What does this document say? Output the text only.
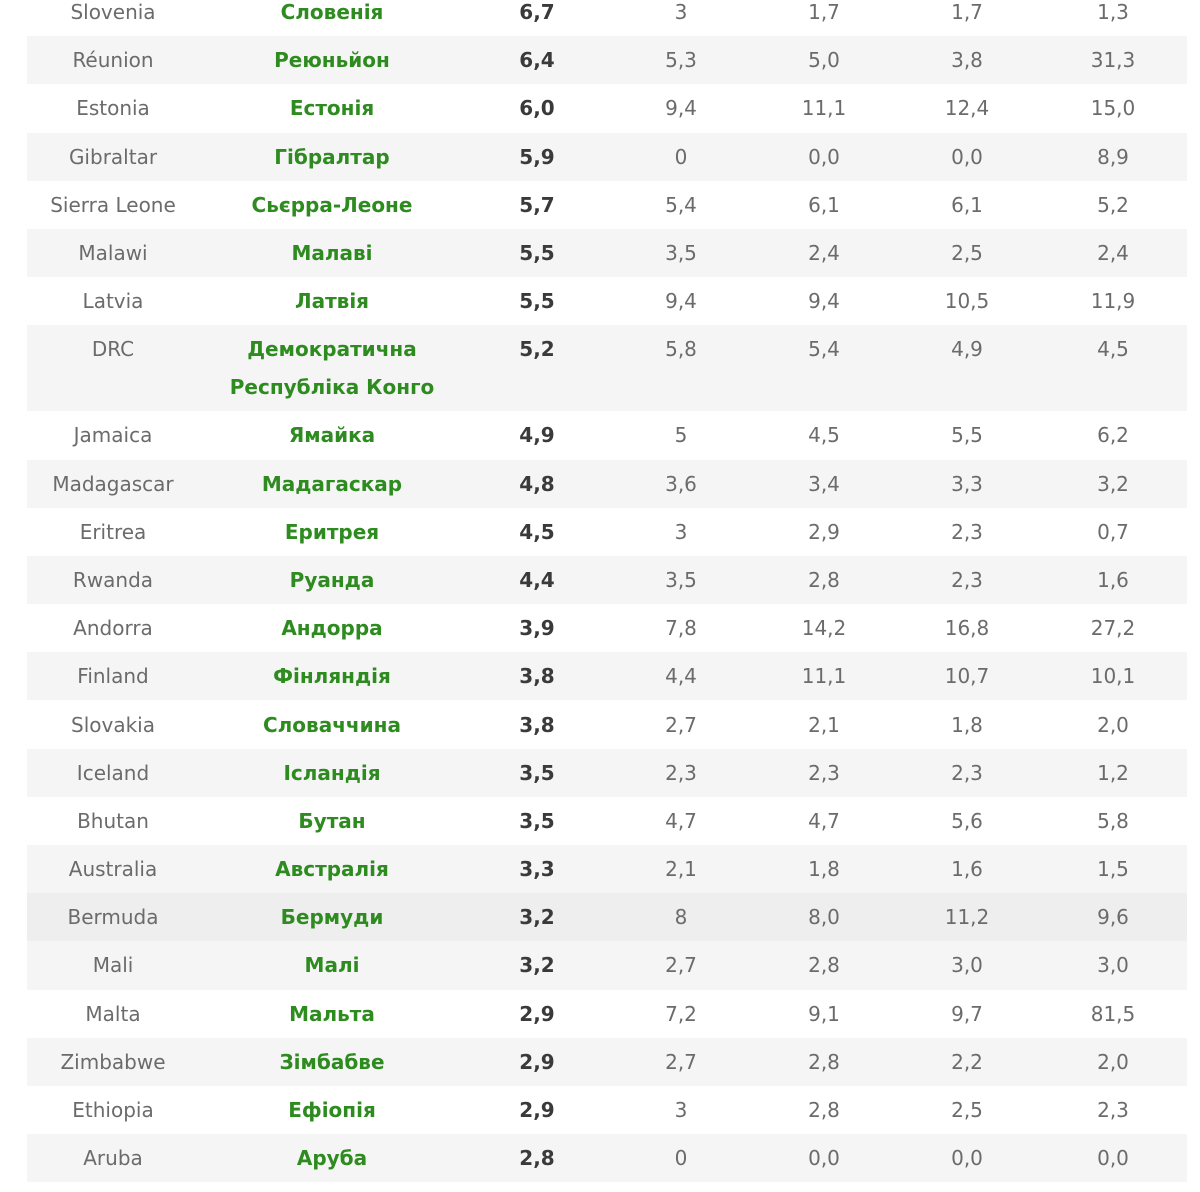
Slovenia	Словенія	6,7	3	1,7	1,7	1,3
Réunion	Реюньйон	6,4	5,3	5,0	3,8	31,3
Estonia	Естонія	6,0	9,4	11,1	12,4	15,0
Gibraltar	Гібралтар	5,9	0	0,0	0,0	8,9
Sierra Leone	Сьєрра-Леоне	5,7	5,4	6,1	6,1	5,2
Malawi	Малаві	5,5	3,5	2,4	2,5	2,4
Latvia	Латвія	5,5	9,4	9,4	10,5	11,9
DRC	Демократична Республіка Конго	5,2	5,8	5,4	4,9	4,5
Jamaica	Ямайка	4,9	5	4,5	5,5	6,2
Madagascar	Мадагаскар	4,8	3,6	3,4	3,3	3,2
Eritrea	Еритрея	4,5	3	2,9	2,3	0,7
Rwanda	Руанда	4,4	3,5	2,8	2,3	1,6
Andorra	Андорра	3,9	7,8	14,2	16,8	27,2
Finland	Фінляндія	3,8	4,4	11,1	10,7	10,1
Slovakia	Словаччина	3,8	2,7	2,1	1,8	2,0
Iceland	Ісландія	3,5	2,3	2,3	2,3	1,2
Bhutan	Бутан	3,5	4,7	4,7	5,6	5,8
Australia	Австралія	3,3	2,1	1,8	1,6	1,5
Bermuda	Бермуди	3,2	8	8,0	11,2	9,6
Mali	Малі	3,2	2,7	2,8	3,0	3,0
Malta	Мальта	2,9	7,2	9,1	9,7	81,5
Zimbabwe	Зімбабве	2,9	2,7	2,8	2,2	2,0
Ethiopia	Ефіопія	2,9	3	2,8	2,5	2,3
Aruba	Аруба	2,8	0	0,0	0,0	0,0
